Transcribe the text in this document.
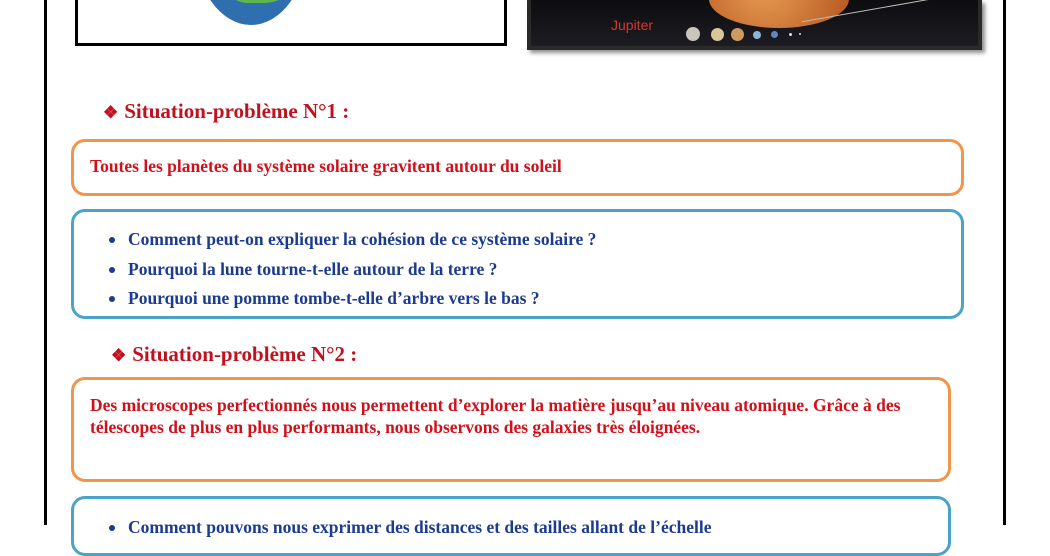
Jupiter
❖ Situation-problème N°1 :
Toutes les planètes du système solaire gravitent autour du soleil
Comment peut-on expliquer la cohésion de ce système solaire ?
Pourquoi la lune tourne-t-elle autour de la terre ?
Pourquoi une pomme tombe-t-elle d’arbre vers le bas ?
❖ Situation-problème N°2 :
Des microscopes perfectionnés nous permettent d’explorer la matière jusqu’au niveau atomique. Grâce à des télescopes de plus en plus performants, nous observons des galaxies très éloignées.
Comment pouvons nous exprimer des distances et des tailles allant de l’échelle
